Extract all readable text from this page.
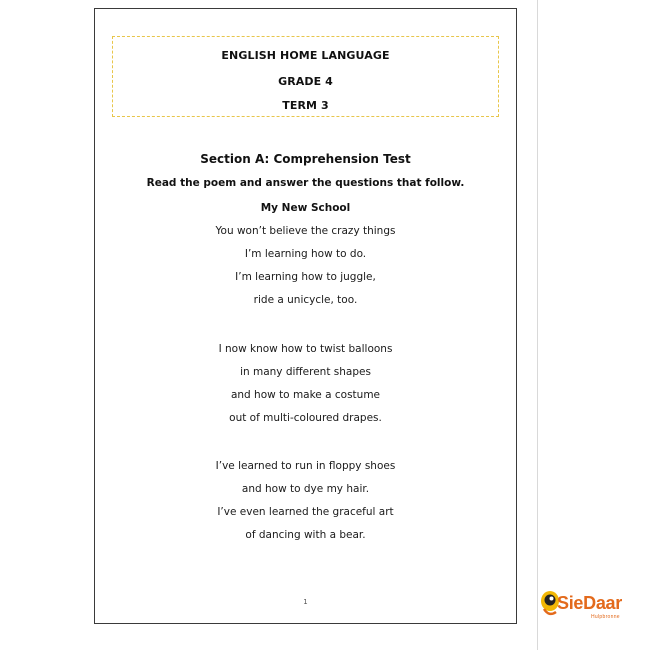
ENGLISH HOME LANGUAGE
GRADE 4
TERM 3
Section A: Comprehension Test
Read the poem and answer the questions that follow.
My New School
You won’t believe the crazy things
I’m learning how to do.
I’m learning how to juggle,
ride a unicycle, too.
I now know how to twist balloons
in many different shapes
and how to make a costume
out of multi-coloured drapes.
I’ve learned to run in floppy shoes
and how to dye my hair.
I’ve even learned the graceful art
of dancing with a bear.
1	SieDaar
Hulpbronne
